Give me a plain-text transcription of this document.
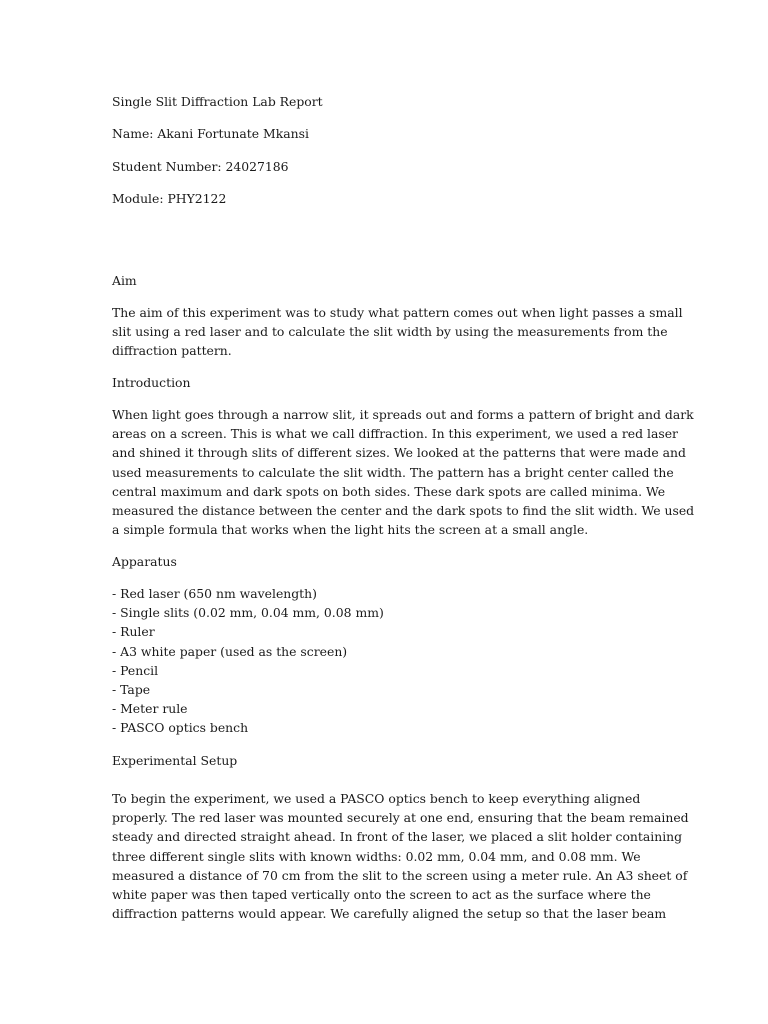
Single Slit Diffraction Lab Report

Name: Akani Fortunate Mkansi

Student Number: 24027186

Module: PHY2122

Aim

The aim of this experiment was to study what pattern comes out when light passes a small
slit using a red laser and to calculate the slit width by using the measurements from the
diffraction pattern.

Introduction

When light goes through a narrow slit, it spreads out and forms a pattern of bright and dark
areas on a screen. This is what we call diffraction. In this experiment, we used a red laser
and shined it through slits of different sizes. We looked at the patterns that were made and
used measurements to calculate the slit width. The pattern has a bright center called the
central maximum and dark spots on both sides. These dark spots are called minima. We
measured the distance between the center and the dark spots to find the slit width. We used
a simple formula that works when the light hits the screen at a small angle.

Apparatus

- Red laser (650 nm wavelength)
- Single slits (0.02 mm, 0.04 mm, 0.08 mm)
- Ruler
- A3 white paper (used as the screen)
- Pencil
- Tape
- Meter rule
- PASCO optics bench

Experimental Setup

To begin the experiment, we used a PASCO optics bench to keep everything aligned
properly. The red laser was mounted securely at one end, ensuring that the beam remained
steady and directed straight ahead. In front of the laser, we placed a slit holder containing
three different single slits with known widths: 0.02 mm, 0.04 mm, and 0.08 mm. We
measured a distance of 70 cm from the slit to the screen using a meter rule. An A3 sheet of
white paper was then taped vertically onto the screen to act as the surface where the
diffraction patterns would appear. We carefully aligned the setup so that the laser beam
